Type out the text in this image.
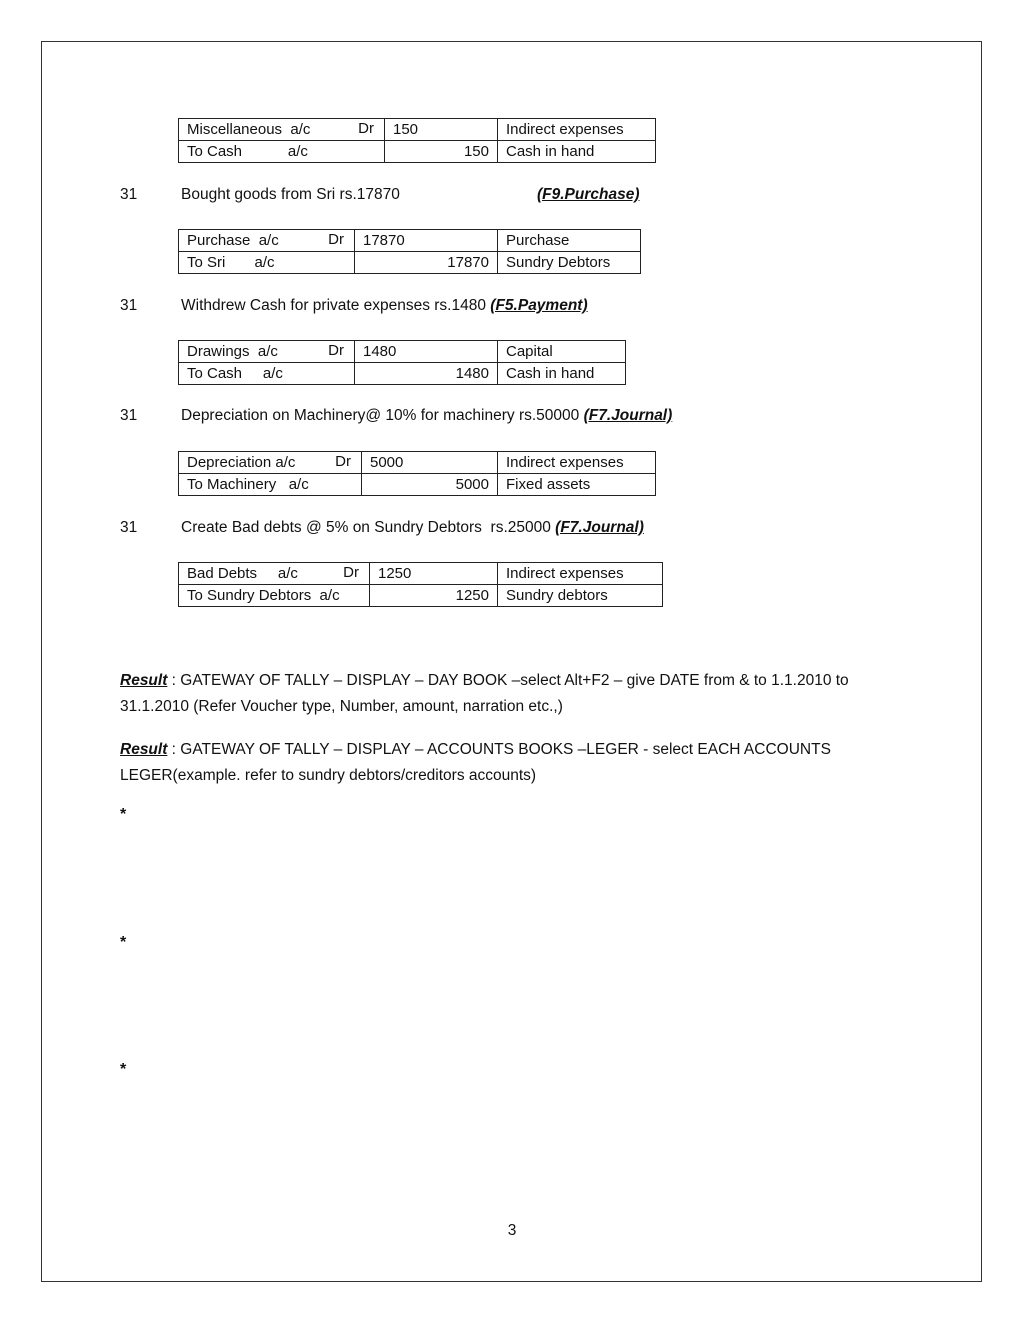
Miscellaneous  a/c Dr	150	Indirect expenses
To Cash           a/c	150	Cash in hand
31	Bought goods from Sri rs.17870	(F9.Purchase)
Purchase  a/c Dr	17870	Purchase
To Sri       a/c	17870	Sundry Debtors
31	Withdrew Cash for private expenses rs.1480 (F5.Payment)
Drawings  a/c Dr	1480	Capital
To Cash     a/c	1480	Cash in hand
31	Depreciation on Machinery@ 10% for machinery rs.50000 (F7.Journal)
Depreciation a/c Dr	5000	Indirect expenses
To Machinery   a/c	5000	Fixed assets
31	Create Bad debts @ 5% on Sundry Debtors  rs.25000 (F7.Journal)
Bad Debts     a/c Dr	1250	Indirect expenses
To Sundry Debtors  a/c	1250	Sundry debtors
Result : GATEWAY OF TALLY – DISPLAY – DAY BOOK –select Alt+F2 – give DATE from & to 1.1.2010 to 31.1.2010 (Refer Voucher type, Number, amount, narration etc.,)
Result : GATEWAY OF TALLY – DISPLAY – ACCOUNTS BOOKS –LEGER - select EACH ACCOUNTS LEGER(example. refer to sundry debtors/creditors accounts)
*
*
*
3
